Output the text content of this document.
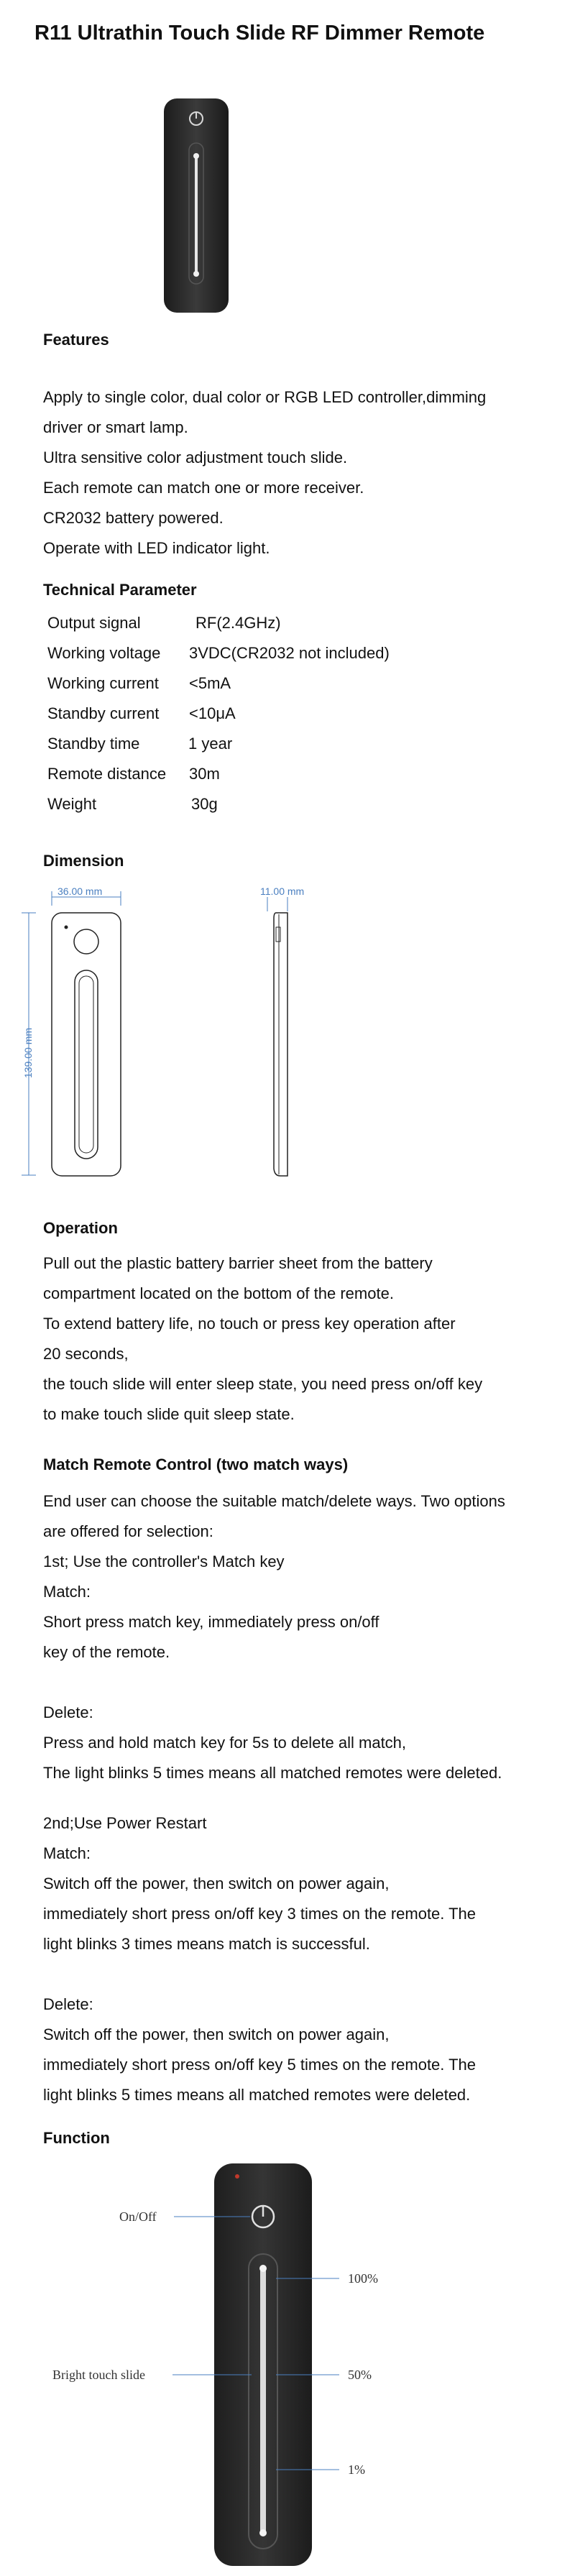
R11 Ultrathin Touch Slide RF Dimmer Remote
Features
Apply to single color, dual color or RGB LED controller,dimming
driver or smart lamp.
Ultra sensitive color adjustment touch slide.
Each remote can match one or more receiver.
CR2032 battery powered.
Operate with LED indicator light.
Technical Parameter
Output signal	RF(2.4GHz)
Working voltage 3VDC(CR2032 not included)
Working current <5mA
Standby current <10μA
Standby time	1 year
Remote distance 30m
Weight	30g
Dimension
36.00 mm
139.00 mm
11.00 mm
Operation
Pull out the plastic battery barrier sheet from the battery
compartment located on the bottom of the remote.
To extend battery life, no touch or press key operation after
20 seconds,
the touch slide will enter sleep state, you need press on/off key
to make touch slide quit sleep state.
Match Remote Control (two match ways)
End user can choose the suitable match/delete ways. Two options
are offered for selection:
1st; Use the controller's Match key
Match:
Short press match key, immediately press on/off
key of the remote.
Delete:
Press and hold match key for 5s to delete all match,
The light blinks 5 times means all matched remotes were deleted.
2nd;Use Power Restart
Match:
Switch off the power, then switch on power again,
immediately short press on/off key 3 times on the remote. The
light blinks 3 times means match is successful.
Delete:
Switch off the power, then switch on power again,
immediately short press on/off key 5 times on the remote. The
light blinks 5 times means all matched remotes were deleted.
Function
On/Off
Bright touch slide
100%
50%
1%
